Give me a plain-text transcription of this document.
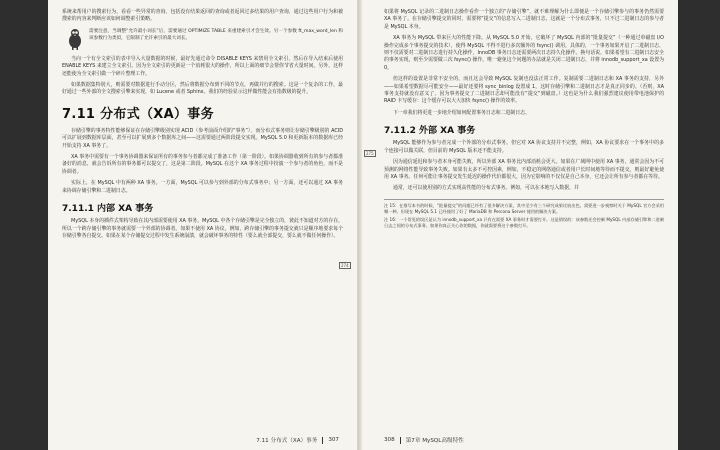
系统来帮用户的搜索行为，看看一些异常的查询，包括没有结果返回的查询或者返回过多结果的用户查询，通过这些用户行为和被搜索的内容来判断应该如何调整索引策略。

需要注意，当调整“允许最小词长”后，需要通过 OPTIMIZE TABLE 来重建索引才会生效。另一个参数 ft_max_word_len 和该参数行为类似，它限制了允许索引的最大词长。

当向一个有全文索引的表中导入大量数据的时候，最好先通过命令 DISABLE KEYS 来禁用全文索引，然后在导入结束后使用 ENABLE KEYS 来建立全文索引。因为全文索引的更新是一个消耗很大的操作，所以上面的细节会帮你节省大量时间。另外，这样还能使为全文索引做一个碎片整理工作。

如果数据集特别大，则需要对数据进行手动分区，然后将数据分布到不同的节点，再做并行的搜索。这是一个复杂的工作，最好通过一些外部的全文搜索引擎来实现，如 Lucene 或者 Sphinx。我们的经验显示这样做性能会有指数级的提升。

7.11 分布式（XA）事务

存储引擎的事务特性能够保证在存储引擎级别实现 ACID（参考前面介绍的“事务”），而分布式事务则让存储引擎级别的 ACID 可以扩展到数据库层面，甚至可以扩展到多个数据库之间——这需要通过两阶段提交实现。MySQL 5.0 和更新版本的数据库已经开始支持 XA 事务了。

XA 事务中需要有一个事务协调器来保证所有的事务参与者都完成了准备工作（第一阶段）。如果协调器收到所有的参与者都准备好的消息，就会告诉所有的事务都可以提交了，这是第二阶段。MySQL 在这个 XA 事务过程中扮演一个参与者的角色，而不是协调者。

实际上，在 MySQL 中有两种 XA 事务。一方面，MySQL 可以参与到外部的分布式事务中；另一方面，还可以通过 XA 事务来协调存储引擎和二进制日志。

7.11.1 内部 XA 事务

MySQL 本身的插件式架构导致在其内部需要使用 XA 事务。MySQL 中各个存储引擎是完全独立的，彼此不知道对方的存在，所以一个跨存储引擎的事务就需要一个外部的协调者。如果不使用 XA 协议，例如，跨存储引擎的事务提交就只是顺序地要求每个存储引擎各自提交。如果在某个存储提交过程中发生系统崩溃，就会破坏事务的特性（要么就全部提交，要么就不做任何操作）。

7.11 分布式（XA）事务 307
274

如果将 MySQL 记录的二进制日志操作看作一个独立的“存储引擎”，就不难理解为什么即便是一个存储引擎参与的事务仍然需要 XA 事务了。在存储引擎提交的同时，需要将“提交”的信息写入二进制日志，这就是一个分布式事务，只不过二进制日志的参与者是 MySQL 本身。

XA 事务为 MySQL 带来巨大的性能下降。从 MySQL 5.0 开始，它破坏了 MySQL 内部的“批量提交”（一种通过单磁盘 I/O 操作完成多个事务提交的技术），使得 MySQL 不得不进行多次额外的 fsync() 调用。具体的，一个事务如果开启了二进制日志，则不仅需要对二进制日志进行持久化操作，InnoDB 事务日志还需要两次日志持久化操作。换句话说，如果希望有二进制日志安全的事务实现，则至少需要做三次 fsync() 操作。唯一避免这个问题的办法就是关闭二进制日志，并将 innodb_support_xa 设置为 0。

但这样的设置是非常不安全的，而且这会导致 MySQL 复制也没法正常工作。复制需要二进制日志和 XA 事务的支持，另外——如果希望数据尽可能安全——最好还要将 sync_binlog 设置成 1，这时存储引擎和二进制日志才是真正同步的。（否则，XA 事务支持就没有意义了，因为事务提交了二进制日志却可能没有“提交”到磁盘。）这也是为什么我们强烈建议使用带电池保护的 RAID 卡写缓存：这个缓存可以大大加快 fsync() 操作的效率。

下一章我们将更进一步地介绍如何配置事务日志和二进制日志。

7.11.2 外部 XA 事务

MySQL 能够作为参与者完成一个外部的分布式事务。但它对 XA 协议支持并不完整，例如，XA 协议要求在一个事务中的多个连接可以做关联，但目前的 MySQL 版本还不能支持。

因为通信延迟和参与者本身可能失败，所以外部 XA 事务比内部消耗会更大。如果在广域网中使用 XA 事务，通常会因为不可预测的网络性能导致事务失败。如果有太多不可控因素，例如，不稳定的网络通信或者用户长时间地等待而不提交，则最好避免使用 XA 事务。任何可能让事务提交发生延迟的操作代价都很大，因为它影响的不仅仅是自己本身，它还会让所有参与者都在等待。

通常，还可以使用别的方式实现高性能的分布式事务。例如，可以在本地写入数据，并

注 15：在推写本书的时候，“批量提交”的问题已经有了很多解决方案，其中至少有三个研究成果比较出色。需要进一步观察时关于 MySQL 官方会采用哪一种。但现在 MySQL 5.1 已经使用了好了 MariaDB 和 Percona Server 使用的解决方案。

注 16：一个常见的误区是认为 innodb_support_xa 只有在需要 XA 事务时才需要打开。这是错误的：该参数还会控制 MySQL 内部存储引擎和二进制日志之间的分布式事务。如果你真正关心你的数据，你就需要将这个参数打开。

308 第7章 MySQL高级特性
275
